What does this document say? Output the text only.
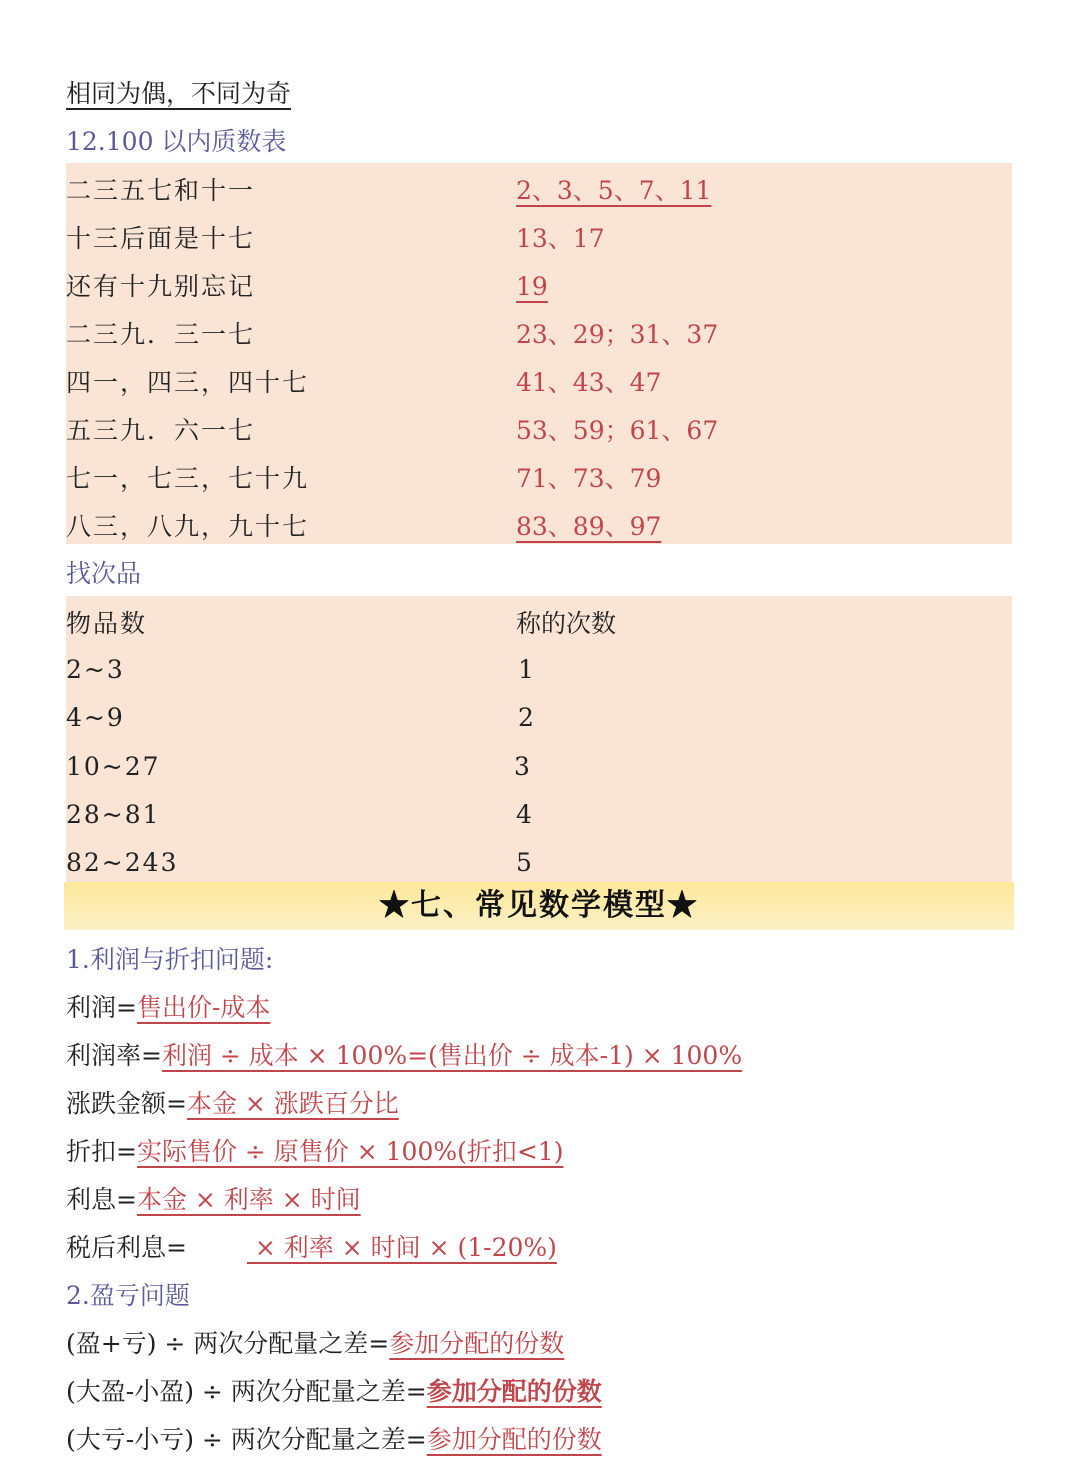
相同为偶，不同为奇
12.100 以内质数表
二三五七和十一	2、3、5、7、11
十三后面是十七	13、17
还有十九别忘记	19
二三九．三一七	23、29；31、37
四一，四三，四十七	41、43、47
五三九．六一七	53、59；61、67
七一，七三，七十九	71、73、79
八三，八九，九十七	83、89、97
找次品
物品数	称的次数
2~3	1
4~9	2
10~27	3
28~81	4
82~243	5
★七、常见数学模型★
1.利润与折扣问题:
利润=售出价-成本
利润率=利润 ÷ 成本 × 100%=(售出价 ÷ 成本-1) × 100%
涨跌金额=本金 × 涨跌百分比
折扣=实际售价 ÷ 原售价 × 100%(折扣<1)
利息=本金 × 利率 × 时间
税后利息= × 利率 × 时间 × (1-20%)
2.盈亏问题
(盈+亏) ÷ 两次分配量之差=参加分配的份数
(大盈-小盈) ÷ 两次分配量之差=参加分配的份数
(大亏-小亏) ÷ 两次分配量之差=参加分配的份数
